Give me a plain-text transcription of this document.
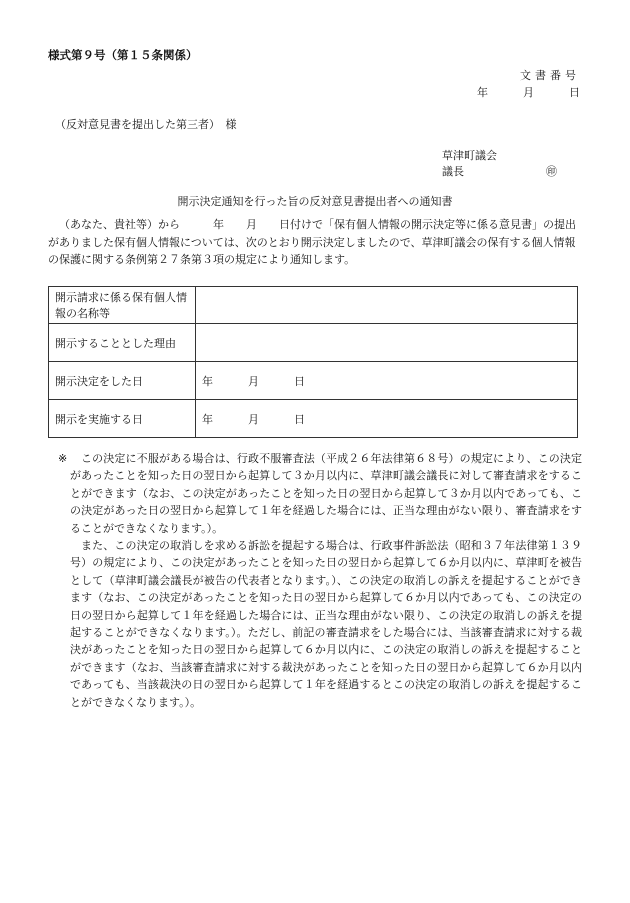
様式第９号（第１５条関係）
文書番号
年	月	日
（反対意見書を提出した第三者）　様
草津町議会
議長	㊞
開示決定通知を行った旨の反対意見書提出者への通知書
（あなた、貴社等）から　　　年　　月　　日付けで「保有個人情報の開示決定等に係る意見書」の提出がありました保有個人情報については、次のとおり開示決定しましたので、草津町議会の保有する個人情報の保護に関する条例第２７条第３項の規定により通知します。
開示請求に係る保有個人情報の名称等	
開示することとした理由	
開示決定をした日	年 月 日
開示を実施する日	年 月 日
※	この決定に不服がある場合は、行政不服審査法（平成２６年法律第６８号）の規定により、この決定があったことを知った日の翌日から起算して３か月以内に、草津町議会議長に対して審査請求をすることができます（なお、この決定があったことを知った日の翌日から起算して３か月以内であっても、この決定があった日の翌日から起算して１年を経過した場合には、正当な理由がない限り、審査請求をすることができなくなります。）。

また、この決定の取消しを求める訴訟を提起する場合は、行政事件訴訟法（昭和３７年法律第１３９号）の規定により、この決定があったことを知った日の翌日から起算して６か月以内に、草津町を被告として（草津町議会議長が被告の代表者となります。）、この決定の取消しの訴えを提起することができます（なお、この決定があったことを知った日の翌日から起算して６か月以内であっても、この決定の日の翌日から起算して１年を経過した場合には、正当な理由がない限り、この決定の取消しの訴えを提起することができなくなります。）。ただし、前記の審査請求をした場合には、当該審査請求に対する裁決があったことを知った日の翌日から起算して６か月以内に、この決定の取消しの訴えを提起することができます（なお、当該審査請求に対する裁決があったことを知った日の翌日から起算して６か月以内であっても、当該裁決の日の翌日から起算して１年を経過するとこの決定の取消しの訴えを提起することができなくなります。）。
